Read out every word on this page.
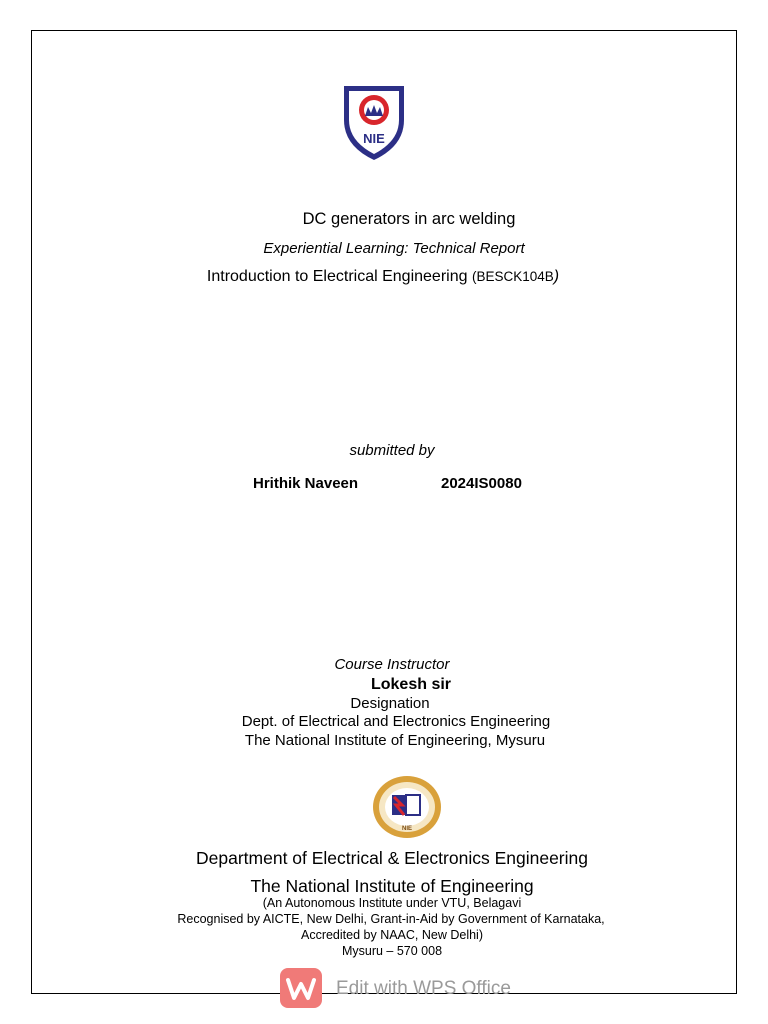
NIE
DC generators in arc welding
Experiential Learning: Technical Report
Introduction to Electrical Engineering (BESCK104B)
submitted by
Hrithik Naveen	2024IS0080
Course Instructor
Lokesh sir
Designation
Dept. of Electrical and Electronics Engineering
The National Institute of Engineering, Mysuru
NIE
Department of Electrical & Electronics Engineering
The National Institute of Engineering
(An Autonomous Institute under VTU, Belagavi
Recognised by AICTE, New Delhi, Grant-in-Aid by Government of Karnataka,
Accredited by NAAC, New Delhi)
Mysuru – 570 008
Edit with WPS Office
